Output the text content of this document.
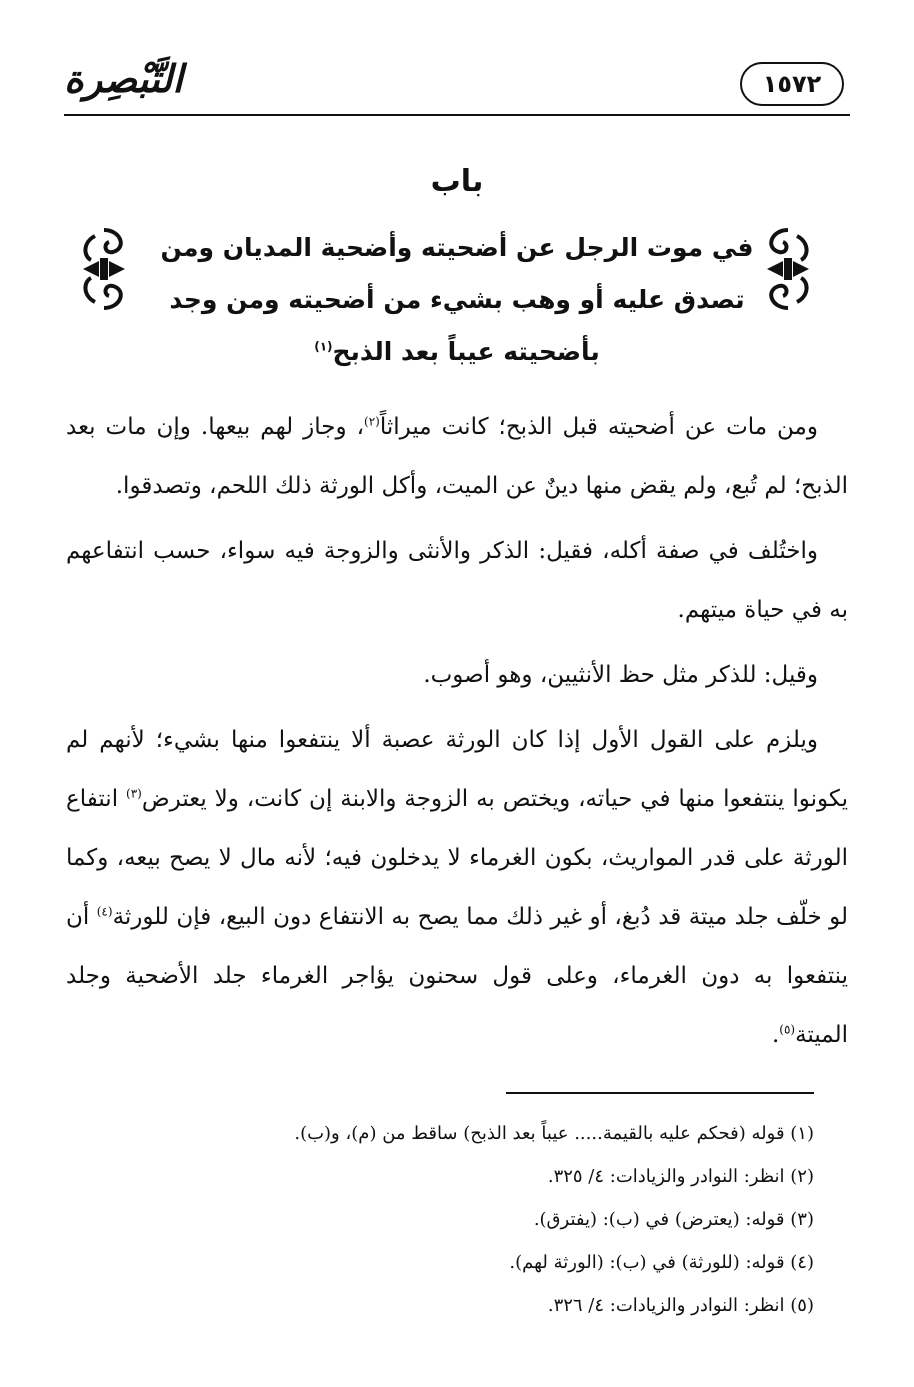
التَّبْصِرة	١٥٧٢
باب
في موت الرجل عن أضحيته وأضحية المديان ومن
تصدق عليه أو وهب بشيء من أضحيته ومن وجد
بأضحيته عيباً بعد الذبح$^{(١)}$

ومن مات عن أضحيته قبل الذبح؛ كانت ميراثاً$^{(٢)}$، وجاز لهم بيعها. وإن مات بعد الذبح؛ لم تُبع، ولم يقض منها دينٌ عن الميت، وأكل الورثة ذلك اللحم، وتصدقوا.

واختُلف في صفة أكله، فقيل: الذكر والأنثى والزوجة فيه سواء، حسب انتفاعهم به في حياة ميتهم.

وقيل: للذكر مثل حظ الأنثيين، وهو أصوب.

ويلزم على القول الأول إذا كان الورثة عصبة ألا ينتفعوا منها بشيء؛ لأنهم لم يكونوا ينتفعوا منها في حياته، ويختص به الزوجة والابنة إن كانت، ولا يعترض$^{(٣)}$ انتفاع الورثة على قدر المواريث، بكون الغرماء لا يدخلون فيه؛ لأنه مال لا يصح بيعه، وكما لو خلّف جلد ميتة قد دُبغ، أو غير ذلك مما يصح به الانتفاع دون البيع، فإن للورثة$^{(٤)}$ أن ينتفعوا به دون الغرماء، وعلى قول سحنون يؤاجر الغرماء جلد الأضحية وجلد الميتة$^{(٥)}$.

(١) قوله (فحكم عليه بالقيمة..... عيباً بعد الذبح) ساقط من (م)، و(ب).
(٢) انظر: النوادر والزيادات: ٤/ ٣٢٥.
(٣) قوله: (يعترض) في (ب): (يفترق).
(٤) قوله: (للورثة) في (ب): (الورثة لهم).
(٥) انظر: النوادر والزيادات: ٤/ ٣٢٦.
